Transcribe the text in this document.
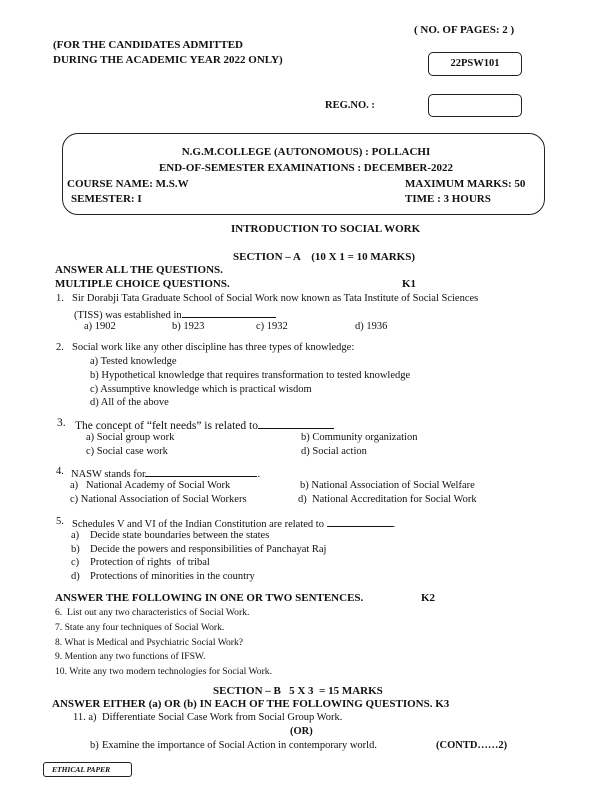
( NO. OF PAGES: 2 )
(FOR THE CANDIDATES ADMITTED
DURING THE ACADEMIC YEAR 2022 ONLY)	22PSW101
REG.NO. :
N.G.M.COLLEGE (AUTONOMOUS) : POLLACHI
END-OF-SEMESTER EXAMINATIONS : DECEMBER-2022
COURSE NAME: M.S.W	MAXIMUM MARKS: 50
SEMESTER: I	TIME : 3 HOURS
INTRODUCTION TO SOCIAL WORK
SECTION – A    (10 X 1 = 10 MARKS)
ANSWER ALL THE QUESTIONS.
MULTIPLE CHOICE QUESTIONS.	K1
1. Sir Dorabji Tata Graduate School of Social Work now known as Tata Institute of Social Sciences
(TISS) was established in
a) 1902	b) 1923	c) 1932	d) 1936
2. Social work like any other discipline has three types of knowledge:
a) Tested knowledge
b) Hypothetical knowledge that requires transformation to tested knowledge
c) Assumptive knowledge which is practical wisdom
d) All of the above
3. The concept of “felt needs” is related to
a) Social group work	b) Community organization
c) Social case work	d) Social action
4. NASW stands for	.
a)   National Academy of Social Work	b) National Association of Social Welfare
c) National Association of Social Workers	d)  National Accreditation for Social Work
5. Schedules V and VI of the Indian Constitution are related to	.
a) Decide state boundaries between the states
b) Decide the powers and responsibilities of Panchayat Raj
c) Protection of rights  of tribal
d) Protections of minorities in the country
ANSWER THE FOLLOWING IN ONE OR TWO SENTENCES.	K2
6.  List out any two characteristics of Social Work.
7. State any four techniques of Social Work.
8. What is Medical and Psychiatric Social Work?
9. Mention any two functions of IFSW.
10. Write any two modern technologies for Social Work.
SECTION – B   5 X 3  = 15 MARKS
ANSWER EITHER (a) OR (b) IN EACH OF THE FOLLOWING QUESTIONS. K3
11. a) Differentiate Social Case Work from Social Group Work.
(OR)
b) Examine the importance of Social Action in contemporary world.	(CONTD……2)
ETHICAL PAPER
